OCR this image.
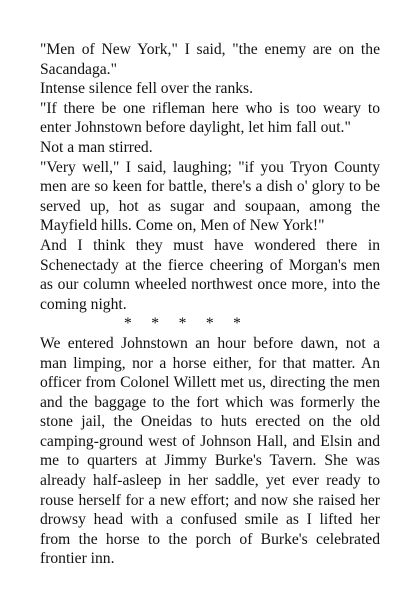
"Men of New York," I said, "the enemy are on the Sacandaga."

Intense silence fell over the ranks.

"If there be one rifleman here who is too weary to enter Johnstown before daylight, let him fall out."

Not a man stirred.

"Very well," I said, laughing; "if you Tryon County men are so keen for battle, there's a dish o' glory to be served up, hot as sugar and soupaan, among the Mayfield hills. Come on, Men of New York!"

And I think they must have wondered there in Schenectady at the fierce cheering of Morgan's men as our column wheeled northwest once more, into the coming night.

*     *     *     *     *

We entered Johnstown an hour before dawn, not a man limping, nor a horse either, for that matter. An officer from Colonel Willett met us, directing the men and the baggage to the fort which was formerly the stone jail, the Oneidas to huts erected on the old camping-ground west of Johnson Hall, and Elsin and me to quarters at Jimmy Burke's Tavern. She was already half-asleep in her saddle, yet ever ready to rouse herself for a new effort; and now she raised her drowsy head with a confused smile as I lifted her from the horse to the porch of Burke's celebrated frontier inn.
